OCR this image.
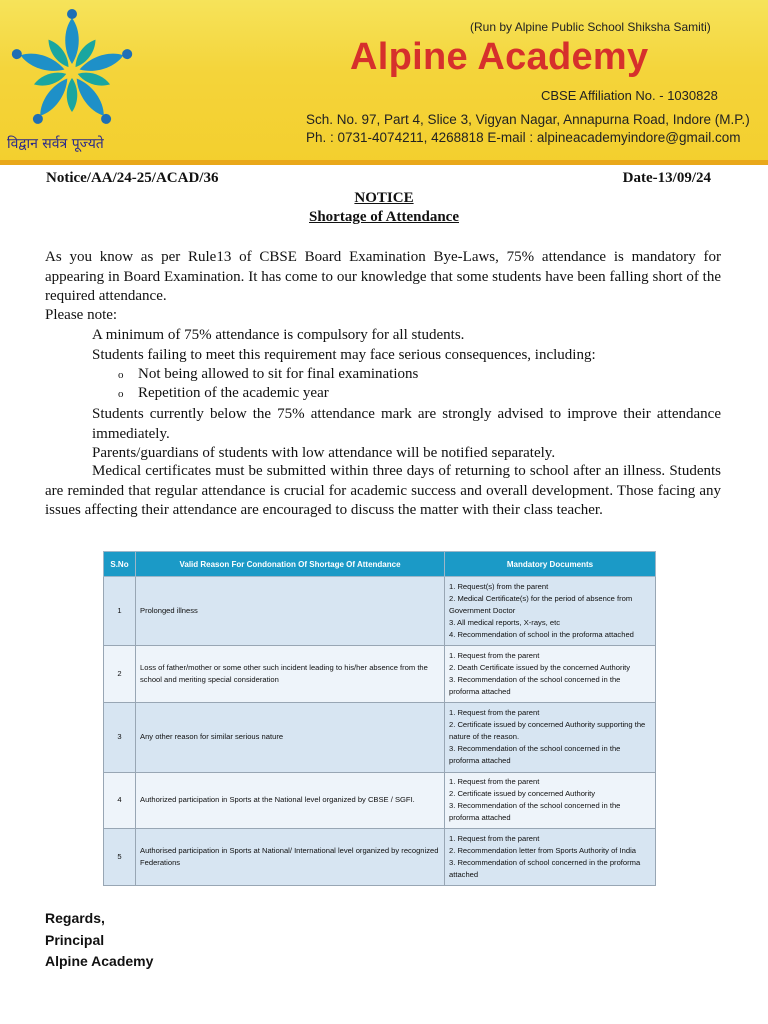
विद्वान सर्वत्र पूज्यते
(Run by Alpine Public School Shiksha Samiti)
Alpine Academy
CBSE Affiliation No. - 1030828
Sch. No. 97, Part 4, Slice 3, Vigyan Nagar, Annapurna Road, Indore (M.P.)
Ph. : 0731-4074211, 4268818 E-mail : alpineacademyindore@gmail.com
Notice/AA/24-25/ACAD/36	Date-13/09/24
NOTICE
Shortage of Attendance
As you know as per Rule13 of CBSE Board Examination Bye-Laws, 75% attendance is mandatory for appearing in Board Examination. It has come to our knowledge that some students have been falling short of the required attendance.
Please note:
A minimum of 75% attendance is compulsory for all students.
Students failing to meet this requirement may face serious consequences, including:
o Not being allowed to sit for final examinations
o Repetition of the academic year
Students currently below the 75% attendance mark are strongly advised to improve their attendance immediately.
Parents/guardians of students with low attendance will be notified separately.
Medical certificates must be submitted within three days of returning to school after an illness. Students are reminded that regular attendance is crucial for academic success and overall development. Those facing any issues affecting their attendance are encouraged to discuss the matter with their class teacher.
S.No	Valid Reason For Condonation Of Shortage Of Attendance	Mandatory Documents
1	Prolonged illness	1. Request(s) from the parent
2. Medical Certificate(s) for the period of absence from Government Doctor
3. All medical reports, X-rays, etc
4. Recommendation of school in the proforma attached

2	Loss of father/mother or some other such incident leading to his/her absence from the school and meriting special consideration	1. Request from the parent
2. Death Certificate issued by the concerned Authority
3. Recommendation of the school concerned in the proforma attached

3	Any other reason for similar serious nature	1. Request from the parent
2. Certificate issued by concerned Authority supporting the nature of the reason.
3. Recommendation of the school concerned in the proforma attached

4	Authorized participation in Sports at the National level organized by CBSE / SGFI.	1. Request from the parent
2. Certificate issued by concerned Authority
3. Recommendation of the school concerned in the proforma attached

5	Authorised participation in Sports at National/ International level organized by recognized Federations	1. Request from the parent
2. Recommendation letter from Sports Authority of India
3. Recommendation of school concerned in the proforma attached
Regards,
Principal
Alpine Academy
